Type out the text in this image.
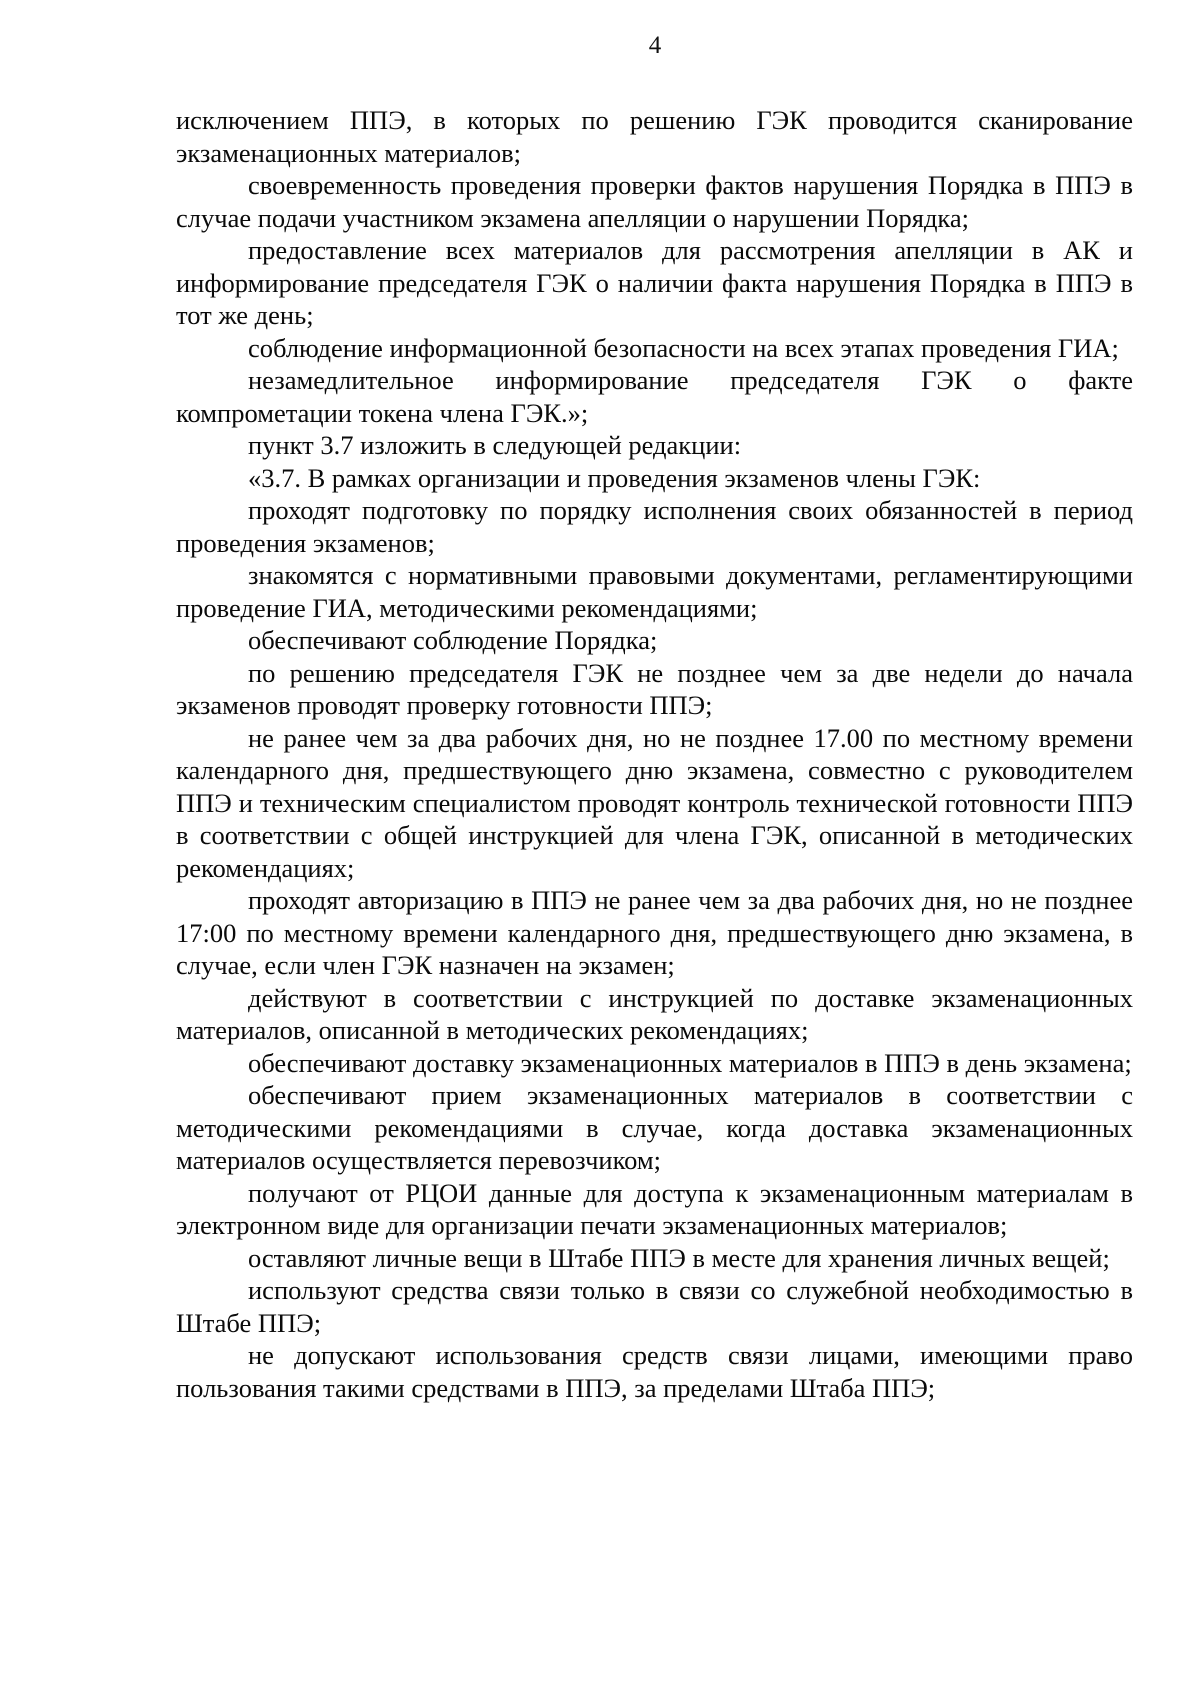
4

исключением ППЭ, в которых по решению ГЭК проводится сканирование экзаменационных материалов;

своевременность проведения проверки фактов нарушения Порядка в ППЭ в случае подачи участником экзамена апелляции о нарушении Порядка;

предоставление всех материалов для рассмотрения апелляции в АК и информирование председателя ГЭК о наличии факта нарушения Порядка в ППЭ в тот же день;

соблюдение информационной безопасности на всех этапах проведения ГИА;

незамедлительное информирование председателя ГЭК о факте компрометации токена члена ГЭК.»;

пункт 3.7 изложить в следующей редакции:

«3.7. В рамках организации и проведения экзаменов члены ГЭК:

проходят подготовку по порядку исполнения своих обязанностей в период проведения экзаменов;

знакомятся с нормативными правовыми документами, регламентирующими проведение ГИА, методическими рекомендациями;

обеспечивают соблюдение Порядка;

по решению председателя ГЭК не позднее чем за две недели до начала экзаменов проводят проверку готовности ППЭ;

не ранее чем за два рабочих дня, но не позднее 17.00 по местному времени календарного дня, предшествующего дню экзамена, совместно с руководителем ППЭ и техническим специалистом проводят контроль технической готовности ППЭ в соответствии с общей инструкцией для члена ГЭК, описанной в методических рекомендациях;

проходят авторизацию в ППЭ не ранее чем за два рабочих дня, но не позднее 17:00 по местному времени календарного дня, предшествующего дню экзамена, в случае, если член ГЭК назначен на экзамен;

действуют в соответствии с инструкцией по доставке экзаменационных материалов, описанной в методических рекомендациях;

обеспечивают доставку экзаменационных материалов в ППЭ в день экзамена;

обеспечивают прием экзаменационных материалов в соответствии с методическими рекомендациями в случае, когда доставка экзаменационных материалов осуществляется перевозчиком;

получают от РЦОИ данные для доступа к экзаменационным материалам в электронном виде для организации печати экзаменационных материалов;

оставляют личные вещи в Штабе ППЭ в месте для хранения личных вещей;

используют средства связи только в связи со служебной необходимостью в Штабе ППЭ;

не допускают использования средств связи лицами, имеющими право пользования такими средствами в ППЭ, за пределами Штаба ППЭ;
